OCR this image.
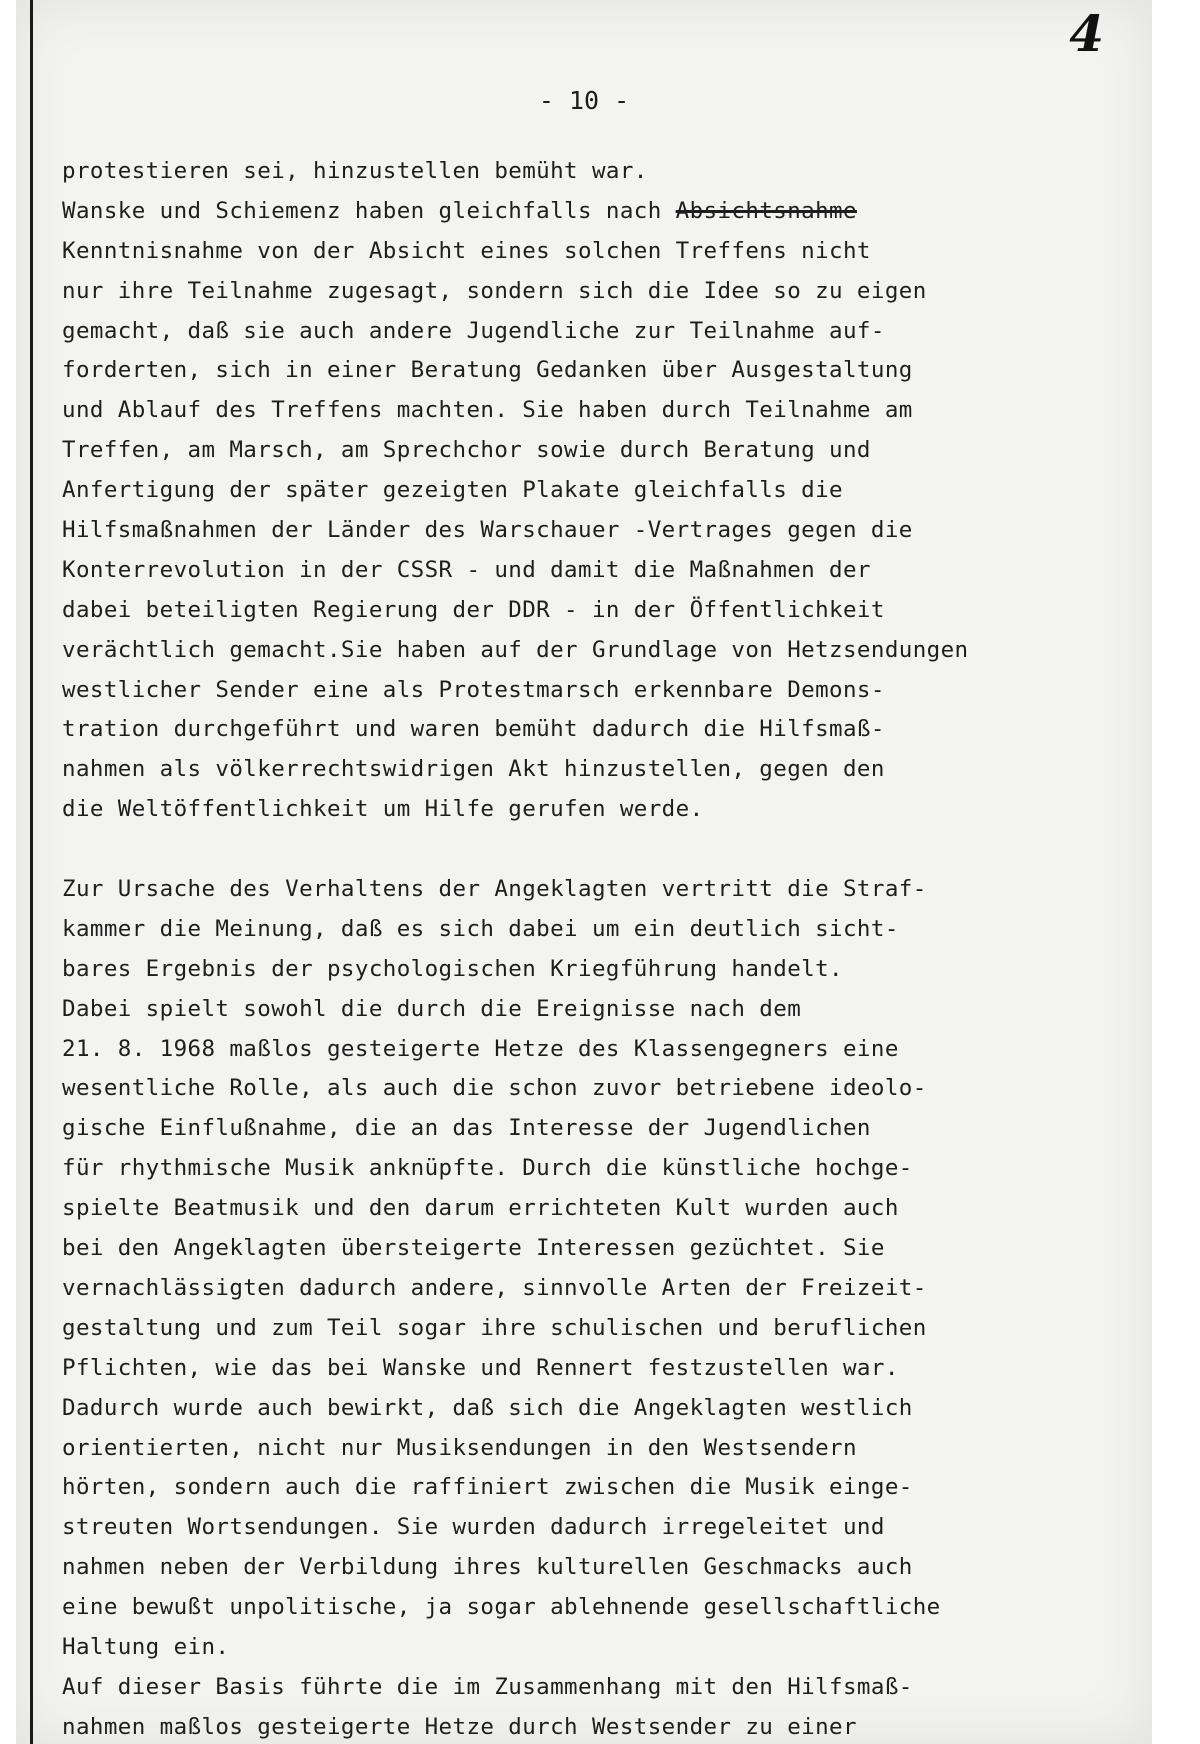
4
- 10 -
protestieren sei, hinzustellen bemüht war.
Wanske und Schiemenz haben gleichfalls nach Absichtsnahme
Kenntnisnahme von der Absicht eines solchen Treffens nicht
nur ihre Teilnahme zugesagt, sondern sich die Idee so zu eigen
gemacht, daß sie auch andere Jugendliche zur Teilnahme auf-
forderten, sich in einer Beratung Gedanken über Ausgestaltung
und Ablauf des Treffens machten. Sie haben durch Teilnahme am
Treffen, am Marsch, am Sprechchor sowie durch Beratung und
Anfertigung der später gezeigten Plakate gleichfalls die
Hilfsmaßnahmen der Länder des Warschauer -Vertrages gegen die
Konterrevolution in der CSSR - und damit die Maßnahmen der
dabei beteiligten Regierung der DDR - in der Öffentlichkeit
verächtlich gemacht.Sie haben auf der Grundlage von Hetzsendungen
westlicher Sender eine als Protestmarsch erkennbare Demons-
tration durchgeführt und waren bemüht dadurch die Hilfsmaß-
nahmen als völkerrechtswidrigen Akt hinzustellen, gegen den
die Weltöffentlichkeit um Hilfe gerufen werde.
Zur Ursache des Verhaltens der Angeklagten vertritt die Straf-
kammer die Meinung, daß es sich dabei um ein deutlich sicht-
bares Ergebnis der psychologischen Kriegführung handelt.
Dabei spielt sowohl die durch die Ereignisse nach dem
21. 8. 1968 maßlos gesteigerte Hetze des Klassengegners eine
wesentliche Rolle, als auch die schon zuvor betriebene ideolo-
gische Einflußnahme, die an das Interesse der Jugendlichen
für rhythmische Musik anknüpfte. Durch die künstliche hochge-
spielte Beatmusik und den darum errichteten Kult wurden auch
bei den Angeklagten übersteigerte Interessen gezüchtet. Sie
vernachlässigten dadurch andere, sinnvolle Arten der Freizeit-
gestaltung und zum Teil sogar ihre schulischen und beruflichen
Pflichten, wie das bei Wanske und Rennert festzustellen war.
Dadurch wurde auch bewirkt, daß sich die Angeklagten westlich
orientierten, nicht nur Musiksendungen in den Westsendern
hörten, sondern auch die raffiniert zwischen die Musik einge-
streuten Wortsendungen. Sie wurden dadurch irregeleitet und
nahmen neben der Verbildung ihres kulturellen Geschmacks auch
eine bewußt unpolitische, ja sogar ablehnende gesellschaftliche
Haltung ein.
Auf dieser Basis führte die im Zusammenhang mit den Hilfsmaß-
nahmen maßlos gesteigerte Hetze durch Westsender zu einer
